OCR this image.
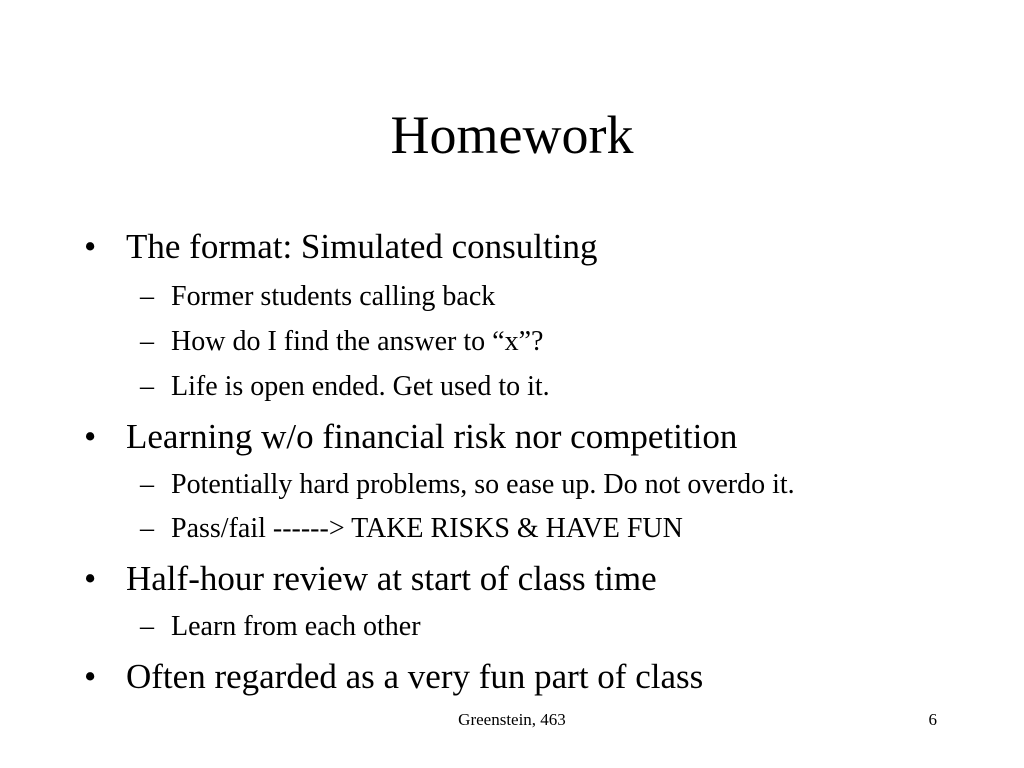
Homework
• The format: Simulated consulting
– Former students calling back
– How do I find the answer to “x”?
– Life is open ended. Get used to it.
• Learning w/o financial risk nor competition
– Potentially hard problems, so ease up. Do not overdo it.
– Pass/fail ------> TAKE RISKS & HAVE FUN
• Half-hour review at start of class time
– Learn from each other
• Often regarded as a very fun part of class
Greenstein, 463	6
